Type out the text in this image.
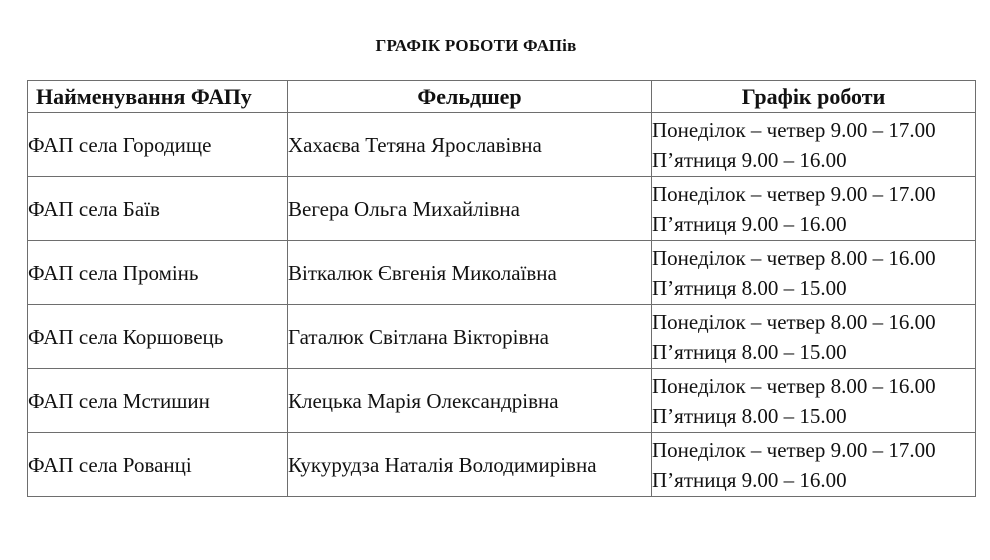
ГРАФІК РОБОТИ ФАПів
Найменування ФАПу	Фельдшер	Графік роботи
ФАП села Городище	Хахаєва Тетяна Ярославівна	Понеділок – четвер 9.00 – 17.00
П’ятниця 9.00 – 16.00

ФАП села Баїв	Вегера Ольга Михайлівна	Понеділок – четвер 9.00 – 17.00
П’ятниця 9.00 – 16.00

ФАП села Промінь	Віткалюк Євгенія Миколаївна	Понеділок – четвер 8.00 – 16.00
П’ятниця 8.00 – 15.00

ФАП села Коршовець	Гаталюк Світлана Вікторівна	Понеділок – четвер 8.00 – 16.00
П’ятниця 8.00 – 15.00

ФАП села Мстишин	Клецька Марія Олександрівна	Понеділок – четвер 8.00 – 16.00
П’ятниця 8.00 – 15.00

ФАП села Рованці	Кукурудза Наталія Володимирівна	Понеділок – четвер 9.00 – 17.00
П’ятниця 9.00 – 16.00
